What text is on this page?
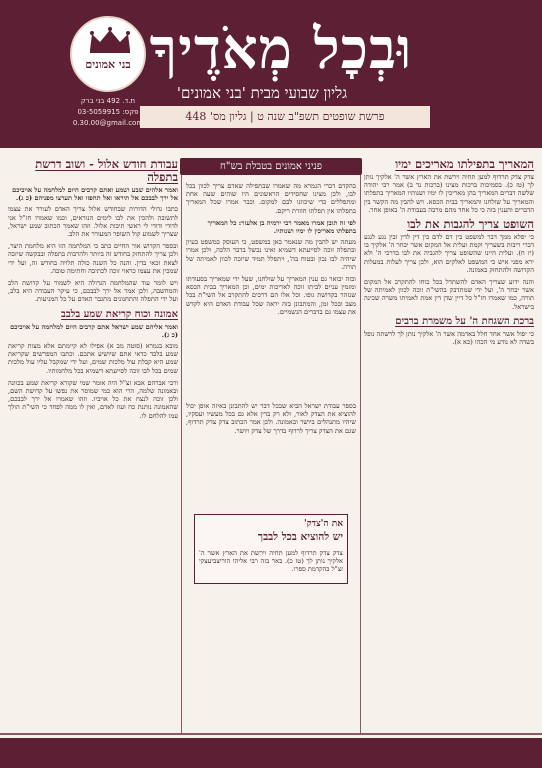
וּבְכׇל מְאֹדֶיךָ
גליון שבועי מבית 'בני אמונים'
פרשת שופטים תשפ"ב שנה ט | גליון מס' 448
בני אמונים
ת.ד. 492 בני ברק
03-5059915 :פקס
0.30.00@gmail.com
פניני אמונים בטבלת בש"ח	המאריך בתפילתו מאריכים ימיו
צדק צדק תרדוף למען תחיה וירשת את הארץ אשר ה' אלקיך נותן לך (טז כ). בסמיכות ברכות מצינו (ברכות נד ב) אמר רבי יהודה שלשה דברים המאריך בהן מאריכין לו ימיו ושנותיו המאריך בתפלתו והמאריך על שולחנו והמאריך בבית הכסא. ויש להבין מה הקשר בין הדברים והענין בזה כי כל אחד מהם מרבה בעבודת ה' באופן אחר.
השופט צריך להגבות את לבו
כי יפלא ממך דבר למשפט בין דם לדם בין דין לדין ובין נגע לנגע דברי ריבות בשעריך וקמת ועלית אל המקום אשר יבחר ה' אלקיך בו (יז ח). ועלית היינו שהשופט צריך להגביה את לבו בדרכי ה' ולא ירא מפני איש כי המשפט לאלקים הוא, ולכן צריך לעלות במעלות הקדושה ולהתחזק באמונה.
והנה ידוע שצריך האדם להשתדל בכל כוחו להתקרב אל המקום אשר יבחר ה', ועל ידי שמתדבק בהשי"ת זוכה לכוון לאמיתה של תורה, כמו שאמרו חז"ל כל דיין שדן דין אמת לאמיתו משרה שכינה בישראל.
ברכת השגחת ה' על משמרת ברבים
כי יפול אשר אחד חלל באדמה אשר ה' אלקיך נותן לך לרשתה נופל בשדה לא נודע מי הכהו (כא א).
בהקדם דברי הגמרא מה שאמרו שבתפילה שאדם צריך לכוון בכל לבו, ולכן מצינו שחסידים הראשונים היו שוהים שעה אחת ומתפללים כדי שיכוונו לבם למקום. וכבר אמרו שכל המאריך בתפלתו אין תפלתו חוזרת ריקם.
לפי זה תובן אמרו מאמר רבי ירמיה בן אלעזר: כל המאריך בתפלתו מאריכין לו ימיו ושנותיו.
מעתה יש להבין מה שנאמר כאן במשפט, כי העוסק במשפט בעיון ובתפלה זוכה לסייעתא דשמיא ואינו נכשל בדבר הלכה, ולכן אמרו שיהיה לבו נכון ובטוח בה', ויתפלל תמיד שיזכה לכוון לאמיתה של תורה.
ובזה יבואר גם ענין המאריך על שולחנו, שעל ידי שמאריך בסעודתו ומזמין עניים לביתו זוכה לאריכות ימים, וכן המאריך בבית הכסא שנזהר בקדושת גופו. וכל אלו הם דרכים להתקרב אל השי"ת בכל מצב ובכל זמן, והמתבונן בזה יראה שכל עבודת האדם היא לקדש את עצמו גם בדברים הגשמיים.
בספר עבודת ישראל הביא שבכל דבר יש להתבונן באיזה אופן יכול להוציא את הצדק לאור, ולא רק בדין אלא גם בכל מעשיו ועסקיו, שיהיו מתנהלים ביושר ובאמונה. ולכן אמר הכתוב צדק צדק תרדוף, שגם את הצדק צריך לרדוף בדרך של צדק ויושר.
את ה'צדק'
יש להוציא בכל לבבך
צדק צדק תרדוף למען תחיה וירשת את הארץ אשר ה' אלקיך נותן לך (טז כ). באר בזה רבי אליהו הוריצביעצקי זצ"ל בהקדמת ספרו.
עבודת חודש אלול - ושוב דרשת בתפלה
ואמר אלהים שבע ושמע ואתם קרבים היום למלחמה על אויביכם אל ירך לבבכם אל תיראו ואל תחפזו ואל תערצו מפניהם (כ ג).
כתבו גדולי הדורות שבחודש אלול צריך האדם לעורר את עצמו לתשובה ולהכין את לבו לימים הנוראים, וכמו שאמרו חז"ל אני לדודי ודודי לי ראשי תיבות אלול. וזהו שאמר הכתוב שמע ישראל, שצריך לשמוע קול השופר המעורר את הלב.
ובספר הקדוש אור החיים כתב כי המלחמה הזו היא מלחמת היצר, ולכן צריך להתחזק בחודש זה ביותר ולהרבות בתפלה ובבקשה שיזכה לצאת זכאי בדין. והנה כל השנה כולה תלויה בחודש זה, ועל ידי שמכין את עצמו כראוי זוכה לכתיבה וחתימה טובה.
ויש לומר עוד שהמלחמה הגדולה היא לשמור על קדושת הלב והמחשבה, ולכן אמר אל ירך לבבכם, כי עיקר העבודה היא בלב, ועל ידי התפלה והתחנונים מתגבר האדם על כל המניעות.
אמונה וכוח קריאת שמע בלבב
ואמר אליהם שמע ישראל אתם קרבים היום למלחמה על אויביכם (כ ג).
מובא בגמרא (סוטה מב א) אפילו לא קיימתם אלא מצות קריאת שמע בלבד כדאי אתם שיושיע אתכם. וכתבו המפרשים שקריאת שמע היא קבלת עול מלכות שמים, ועל ידי שמקבל עליו עול מלכות שמים בכל לבו זוכה לסייעתא דשמיא בכל מלחמותיו.
ורבי אברהם אבא זצ"ל היה אומר שמי שקורא קריאת שמע בכוונה ובאמונה שלמה, הרי הוא כמי שמוסר את נפשו על קדושת השם, ולכן זוכה לנצח את כל אויביו. וזהו שאמרו אל ירך לבבכם, שהאמונה נותנת כח ועוז לאדם, ואין לו ממה לפחד כי השי"ת הולך עמו להלחם לו.
